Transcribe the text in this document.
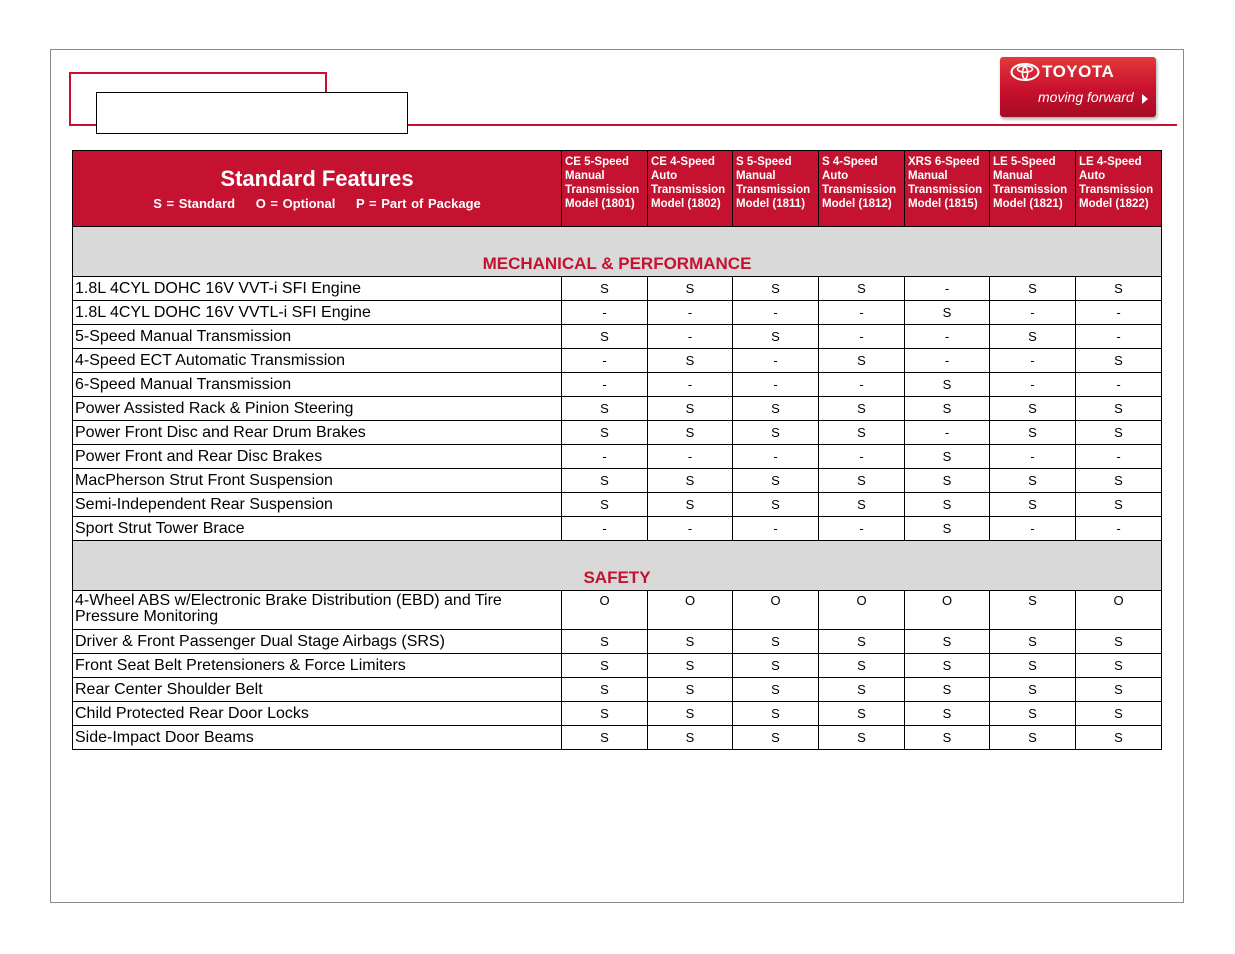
TOYOTA
moving forward
Standard Features
S = Standard O = Optional P = Part of Package	CE 5-Speed Manual Transmission Model (1801)	CE 4-Speed Auto Transmission Model (1802)	S 5-Speed Manual Transmission Model (1811)	S 4-Speed Auto Transmission Model (1812)	XRS 6-Speed Manual Transmission Model (1815)	LE 5-Speed Manual Transmission Model (1821)	LE 4-Speed Auto Transmission Model (1822)
MECHANICAL & PERFORMANCE							
1.8L 4CYL DOHC 16V VVT-i SFI Engine	S	S	S	S	-	S	S
1.8L 4CYL DOHC 16V VVTL-i SFI Engine	-	-	-	-	S	-	-
5-Speed Manual Transmission	S	-	S	-	-	S	-
4-Speed ECT Automatic Transmission	-	S	-	S	-	-	S
6-Speed Manual Transmission	-	-	-	-	S	-	-
Power Assisted Rack & Pinion Steering	S	S	S	S	S	S	S
Power Front Disc and Rear Drum Brakes	S	S	S	S	-	S	S
Power Front and Rear Disc Brakes	-	-	-	-	S	-	-
MacPherson Strut Front Suspension	S	S	S	S	S	S	S
Semi-Independent Rear Suspension	S	S	S	S	S	S	S
Sport Strut Tower Brace	-	-	-	-	S	-	-
SAFETY							
4-Wheel ABS w/Electronic Brake Distribution (EBD) and Tire Pressure Monitoring	O	O	O	O	O	S	O
Driver & Front Passenger Dual Stage Airbags (SRS)	S	S	S	S	S	S	S
Front Seat Belt Pretensioners & Force Limiters	S	S	S	S	S	S	S
Rear Center Shoulder Belt	S	S	S	S	S	S	S
Child Protected Rear Door Locks	S	S	S	S	S	S	S
Side-Impact Door Beams	S	S	S	S	S	S	S
